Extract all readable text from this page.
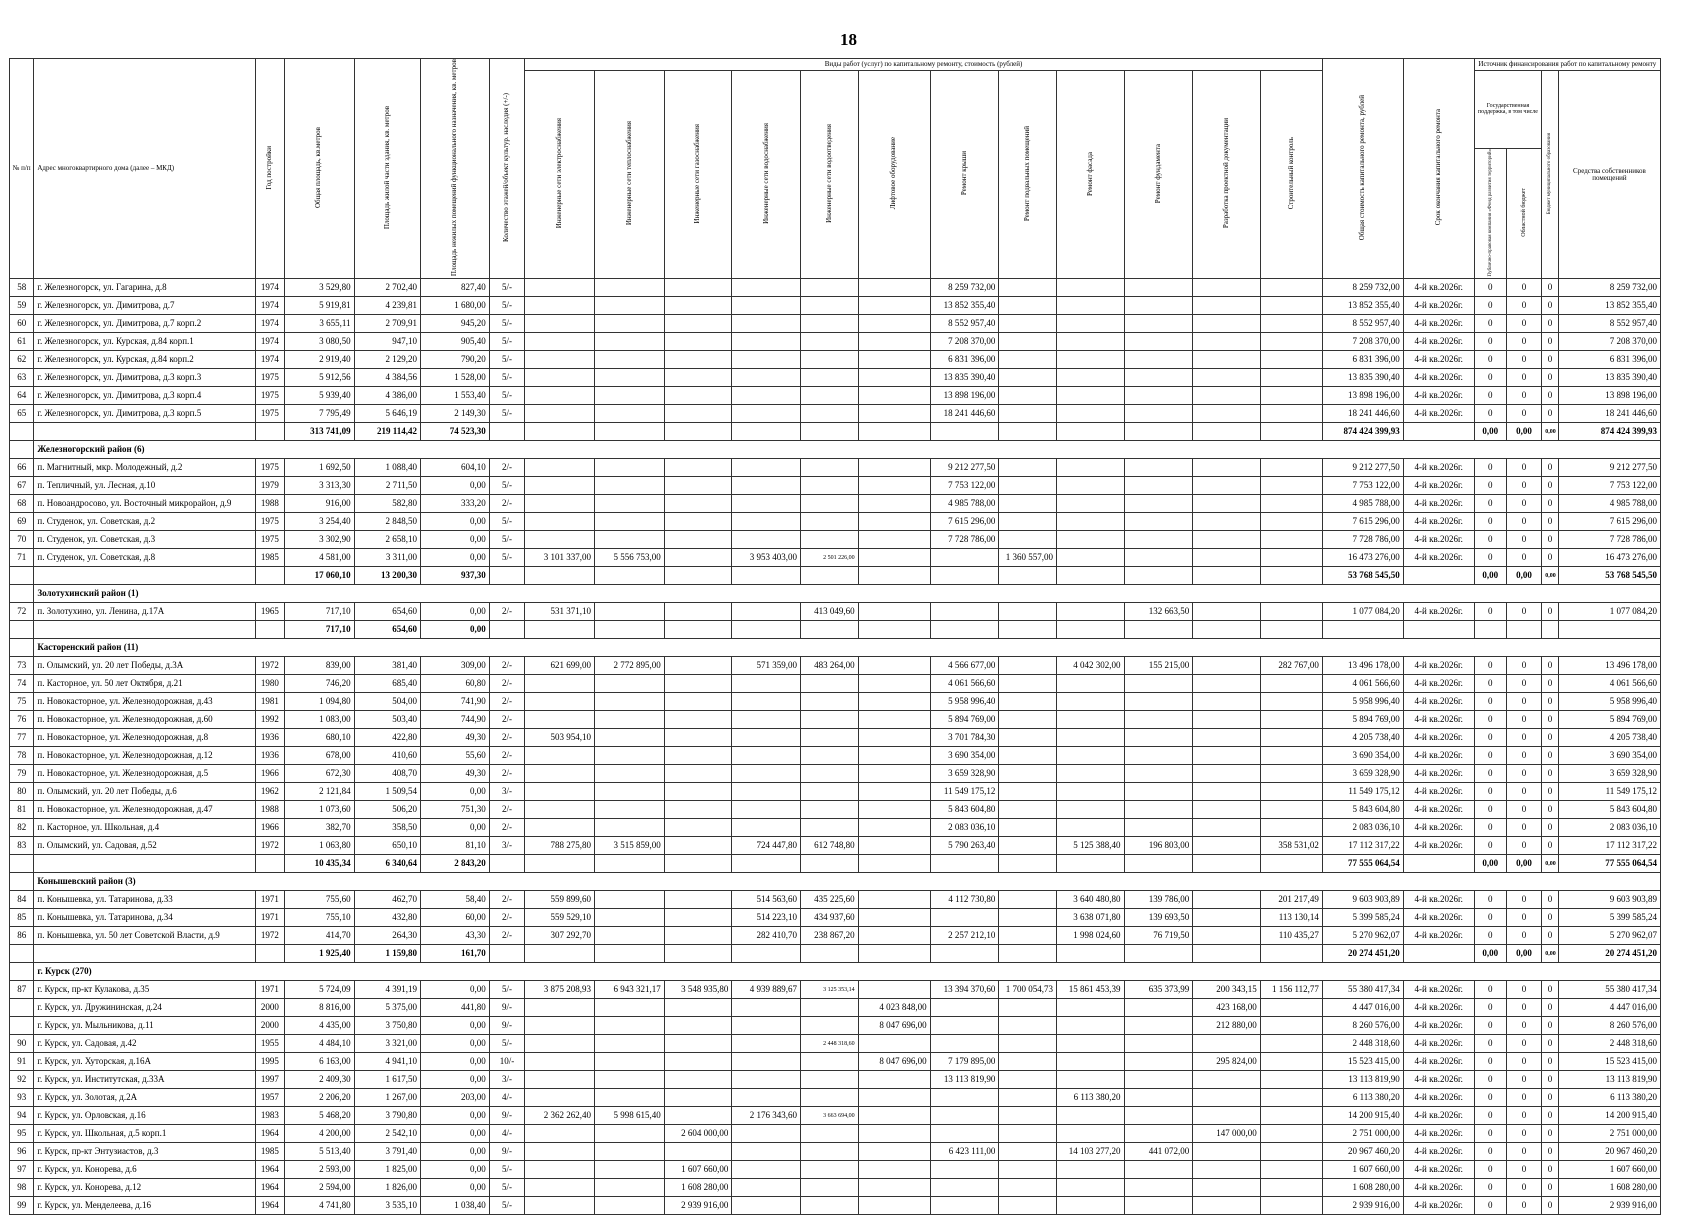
18
№ п/п	Адрес многоквартирного дома (далее – МКД)	Год постройки	Общая площадь, кв.метров	Площадь жилой части здания, кв. метров	Площадь нежилых помещений функционального назначения, кв. метров	Количество этажей/объект культур. наследия (+/-)	Виды работ (услуг) по капитальному ремонту, стоимость (рублей)												Общая стоимость капитального ремонта, рублей	Срок окончания капитального ремонта	Источник финансирования работ по капитальному ремонту			
							Инженерные сети электроснабжения	Инженерные сети теплоснабжения	Инженерные сети газоснабжения	Инженерные сети водоснабжения	Инженерные сети водоотведения	Лифтовое оборудование	Ремонт крыши	Ремонт подвальных помещений	Ремонт фасада	Ремонт фундамента	Разработка проектной документации	Строительный контроль			Государственная поддержка, в том числе		Бюджет муниципального образования	Средства собственников помещений
																					Публично-правовая компания «Фонд развития территорий»	Областной бюджет		
58	г. Железногорск, ул. Гагарина, д.8	1974	3 529,80	2 702,40	827,40	5/-							8 259 732,00						8 259 732,00	4-й кв.2026г.	0	0	0	8 259 732,00
59	г. Железногорск, ул. Димитрова, д.7	1974	5 919,81	4 239,81	1 680,00	5/-							13 852 355,40						13 852 355,40	4-й кв.2026г.	0	0	0	13 852 355,40
60	г. Железногорск, ул. Димитрова, д.7 корп.2	1974	3 655,11	2 709,91	945,20	5/-							8 552 957,40						8 552 957,40	4-й кв.2026г.	0	0	0	8 552 957,40
61	г. Железногорск, ул. Курская, д.84 корп.1	1974	3 080,50	947,10	905,40	5/-							7 208 370,00						7 208 370,00	4-й кв.2026г.	0	0	0	7 208 370,00
62	г. Железногорск, ул. Курская, д.84 корп.2	1974	2 919,40	2 129,20	790,20	5/-							6 831 396,00						6 831 396,00	4-й кв.2026г.	0	0	0	6 831 396,00
63	г. Железногорск, ул. Димитрова, д.3 корп.3	1975	5 912,56	4 384,56	1 528,00	5/-							13 835 390,40						13 835 390,40	4-й кв.2026г.	0	0	0	13 835 390,40
64	г. Железногорск, ул. Димитрова, д.3 корп.4	1975	5 939,40	4 386,00	1 553,40	5/-							13 898 196,00						13 898 196,00	4-й кв.2026г.	0	0	0	13 898 196,00
65	г. Железногорск, ул. Димитрова, д.3 корп.5	1975	7 795,49	5 646,19	2 149,30	5/-							18 241 446,60						18 241 446,60	4-й кв.2026г.	0	0	0	18 241 446,60
			313 741,09	219 114,42	74 523,30														874 424 399,93		0,00	0,00	0,00	874 424 399,93
	Железногорский район (6)																							
66	п. Магнитный, мкр. Молодежный, д.2	1975	1 692,50	1 088,40	604,10	2/-							9 212 277,50						9 212 277,50	4-й кв.2026г.	0	0	0	9 212 277,50
67	п. Тепличный, ул. Лесная, д.10	1979	3 313,30	2 711,50	0,00	5/-							7 753 122,00						7 753 122,00	4-й кв.2026г.	0	0	0	7 753 122,00
68	п. Новоандросово, ул. Восточный микрорайон, д.9	1988	916,00	582,80	333,20	2/-							4 985 788,00						4 985 788,00	4-й кв.2026г.	0	0	0	4 985 788,00
69	п. Студенок, ул. Советская, д.2	1975	3 254,40	2 848,50	0,00	5/-							7 615 296,00						7 615 296,00	4-й кв.2026г.	0	0	0	7 615 296,00
70	п. Студенок, ул. Советская, д.3	1975	3 302,90	2 658,10	0,00	5/-							7 728 786,00						7 728 786,00	4-й кв.2026г.	0	0	0	7 728 786,00
71	п. Студенок, ул. Советская, д.8	1985	4 581,00	3 311,00	0,00	5/-	3 101 337,00	5 556 753,00		3 953 403,00	2 501 226,00			1 360 557,00					16 473 276,00	4-й кв.2026г.	0	0	0	16 473 276,00
			17 060,10	13 200,30	937,30														53 768 545,50		0,00	0,00	0,00	53 768 545,50
	Золотухинский район (1)																							
72	п. Золотухино, ул. Ленина, д.17А	1965	717,10	654,60	0,00	2/-	531 371,10				413 049,60					132 663,50			1 077 084,20	4-й кв.2026г.	0	0	0	1 077 084,20
			717,10	654,60	0,00																			
	Касторенский район (11)																							
73	п. Олымский, ул. 20 лет Победы, д.3А	1972	839,00	381,40	309,00	2/-	621 699,00	2 772 895,00		571 359,00	483 264,00		4 566 677,00		4 042 302,00	155 215,00		282 767,00	13 496 178,00	4-й кв.2026г.	0	0	0	13 496 178,00
74	п. Касторное, ул. 50 лет Октября, д.21	1980	746,20	685,40	60,80	2/-							4 061 566,60						4 061 566,60	4-й кв.2026г.	0	0	0	4 061 566,60
75	п. Новокасторное, ул. Железнодорожная, д.43	1981	1 094,80	504,00	741,90	2/-							5 958 996,40						5 958 996,40	4-й кв.2026г.	0	0	0	5 958 996,40
76	п. Новокасторное, ул. Железнодорожная, д.60	1992	1 083,00	503,40	744,90	2/-							5 894 769,00						5 894 769,00	4-й кв.2026г.	0	0	0	5 894 769,00
77	п. Новокасторное, ул. Железнодорожная, д.8	1936	680,10	422,80	49,30	2/-	503 954,10						3 701 784,30						4 205 738,40	4-й кв.2026г.	0	0	0	4 205 738,40
78	п. Новокасторное, ул. Железнодорожная, д.12	1936	678,00	410,60	55,60	2/-							3 690 354,00						3 690 354,00	4-й кв.2026г.	0	0	0	3 690 354,00
79	п. Новокасторное, ул. Железнодорожная, д.5	1966	672,30	408,70	49,30	2/-							3 659 328,90						3 659 328,90	4-й кв.2026г.	0	0	0	3 659 328,90
80	п. Олымский, ул. 20 лет Победы, д.6	1962	2 121,84	1 509,54	0,00	3/-							11 549 175,12						11 549 175,12	4-й кв.2026г.	0	0	0	11 549 175,12
81	п. Новокасторное, ул. Железнодорожная, д.47	1988	1 073,60	506,20	751,30	2/-							5 843 604,80						5 843 604,80	4-й кв.2026г.	0	0	0	5 843 604,80
82	п. Касторное, ул. Школьная, д.4	1966	382,70	358,50	0,00	2/-							2 083 036,10						2 083 036,10	4-й кв.2026г.	0	0	0	2 083 036,10
83	п. Олымский, ул. Садовая, д.52	1972	1 063,80	650,10	81,10	3/-	788 275,80	3 515 859,00		724 447,80	612 748,80		5 790 263,40		5 125 388,40	196 803,00		358 531,02	17 112 317,22	4-й кв.2026г.	0	0	0	17 112 317,22
			10 435,34	6 340,64	2 843,20														77 555 064,54		0,00	0,00	0,00	77 555 064,54
	Конышевский район (3)																							
84	п. Конышевка, ул. Татаринова, д.33	1971	755,60	462,70	58,40	2/-	559 899,60			514 563,60	435 225,60		4 112 730,80		3 640 480,80	139 786,00		201 217,49	9 603 903,89	4-й кв.2026г.	0	0	0	9 603 903,89
85	п. Конышевка, ул. Татаринова, д.34	1971	755,10	432,80	60,00	2/-	559 529,10			514 223,10	434 937,60				3 638 071,80	139 693,50		113 130,14	5 399 585,24	4-й кв.2026г.	0	0	0	5 399 585,24
86	п. Конышевка, ул. 50 лет Советской Власти, д.9	1972	414,70	264,30	43,30	2/-	307 292,70			282 410,70	238 867,20		2 257 212,10		1 998 024,60	76 719,50		110 435,27	5 270 962,07	4-й кв.2026г.	0	0	0	5 270 962,07
			1 925,40	1 159,80	161,70														20 274 451,20		0,00	0,00	0,00	20 274 451,20
	г. Курск (270)																							
87	г. Курск, пр-кт Кулакова, д.35	1971	5 724,09	4 391,19	0,00	5/-	3 875 208,93	6 943 321,17	3 548 935,80	4 939 889,67	3 125 353,14		13 394 370,60	1 700 054,73	15 861 453,39	635 373,99	200 343,15	1 156 112,77	55 380 417,34	4-й кв.2026г.	0	0	0	55 380 417,34
	г. Курск, ул. Дружининская, д.24	2000	8 816,00	5 375,00	441,80	9/-						4 023 848,00					423 168,00		4 447 016,00	4-й кв.2026г.	0	0	0	4 447 016,00
	г. Курск, ул. Мыльникова, д.11	2000	4 435,00	3 750,80	0,00	9/-						8 047 696,00					212 880,00		8 260 576,00	4-й кв.2026г.	0	0	0	8 260 576,00
90	г. Курск, ул. Садовая, д.42	1955	4 484,10	3 321,00	0,00	5/-					2 448 318,60								2 448 318,60	4-й кв.2026г.	0	0	0	2 448 318,60
91	г. Курск, ул. Хуторская, д.16А	1995	6 163,00	4 941,10	0,00	10/-						8 047 696,00	7 179 895,00				295 824,00		15 523 415,00	4-й кв.2026г.	0	0	0	15 523 415,00
92	г. Курск, ул. Институтская, д.33А	1997	2 409,30	1 617,50	0,00	3/-							13 113 819,90						13 113 819,90	4-й кв.2026г.	0	0	0	13 113 819,90
93	г. Курск, ул. Золотая, д.2А	1957	2 206,20	1 267,00	203,00	4/-									6 113 380,20				6 113 380,20	4-й кв.2026г.	0	0	0	6 113 380,20
94	г. Курск, ул. Орловская, д.16	1983	5 468,20	3 790,80	0,00	9/-	2 362 262,40	5 998 615,40		2 176 343,60	3 663 694,00								14 200 915,40	4-й кв.2026г.	0	0	0	14 200 915,40
95	г. Курск, ул. Школьная, д.5 корп.1	1964	4 200,00	2 542,10	0,00	4/-			2 604 000,00								147 000,00		2 751 000,00	4-й кв.2026г.	0	0	0	2 751 000,00
96	г. Курск, пр-кт Энтузиастов, д.3	1985	5 513,40	3 791,40	0,00	9/-							6 423 111,00		14 103 277,20	441 072,00			20 967 460,20	4-й кв.2026г.	0	0	0	20 967 460,20
97	г. Курск, ул. Конорева, д.6	1964	2 593,00	1 825,00	0,00	5/-			1 607 660,00										1 607 660,00	4-й кв.2026г.	0	0	0	1 607 660,00
98	г. Курск, ул. Конорева, д.12	1964	2 594,00	1 826,00	0,00	5/-			1 608 280,00										1 608 280,00	4-й кв.2026г.	0	0	0	1 608 280,00
99	г. Курск, ул. Менделеева, д.16	1964	4 741,80	3 535,10	1 038,40	5/-			2 939 916,00										2 939 916,00	4-й кв.2026г.	0	0	0	2 939 916,00
